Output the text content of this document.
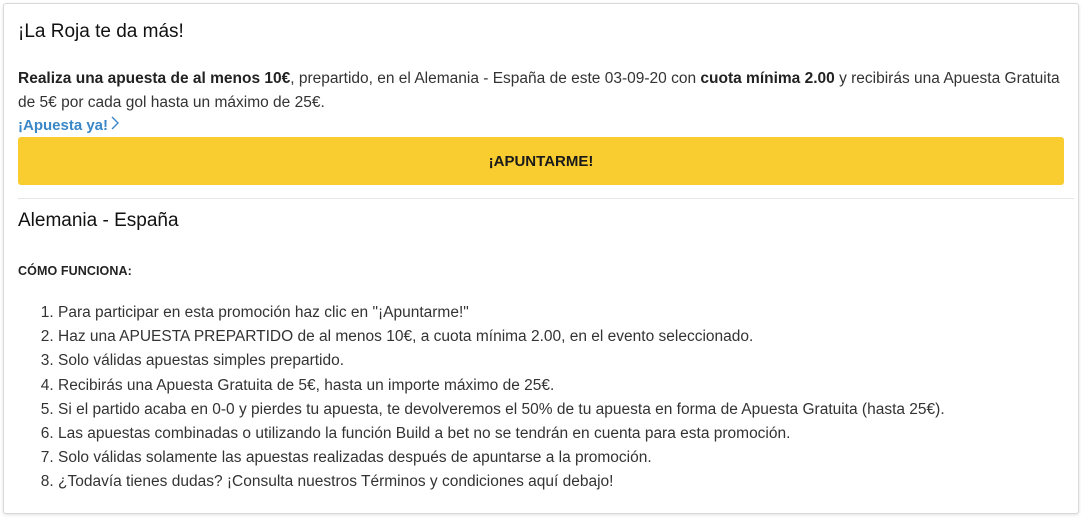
¡La Roja te da más!

Realiza una apuesta de al menos 10€, prepartido, en el Alemania - España de este 03-09-20 con cuota mínima 2.00 y recibirás una Apuesta Gratuita de 5€ por cada gol hasta un máximo de 25€.

¡Apuesta ya!
¡APUNTARME!
Alemania - España

CÓMO FUNCIONA:

1. Para participar en esta promoción haz clic en "¡Apuntarme!"
2. Haz una APUESTA PREPARTIDO de al menos 10€, a cuota mínima 2.00, en el evento seleccionado.
3. Solo válidas apuestas simples prepartido.
4. Recibirás una Apuesta Gratuita de 5€, hasta un importe máximo de 25€.
5. Si el partido acaba en 0-0 y pierdes tu apuesta, te devolveremos el 50% de tu apuesta en forma de Apuesta Gratuita (hasta 25€).
6. Las apuestas combinadas o utilizando la función Build a bet no se tendrán en cuenta para esta promoción.
7. Solo válidas solamente las apuestas realizadas después de apuntarse a la promoción.
8. ¿Todavía tienes dudas? ¡Consulta nuestros Términos y condiciones aquí debajo!
